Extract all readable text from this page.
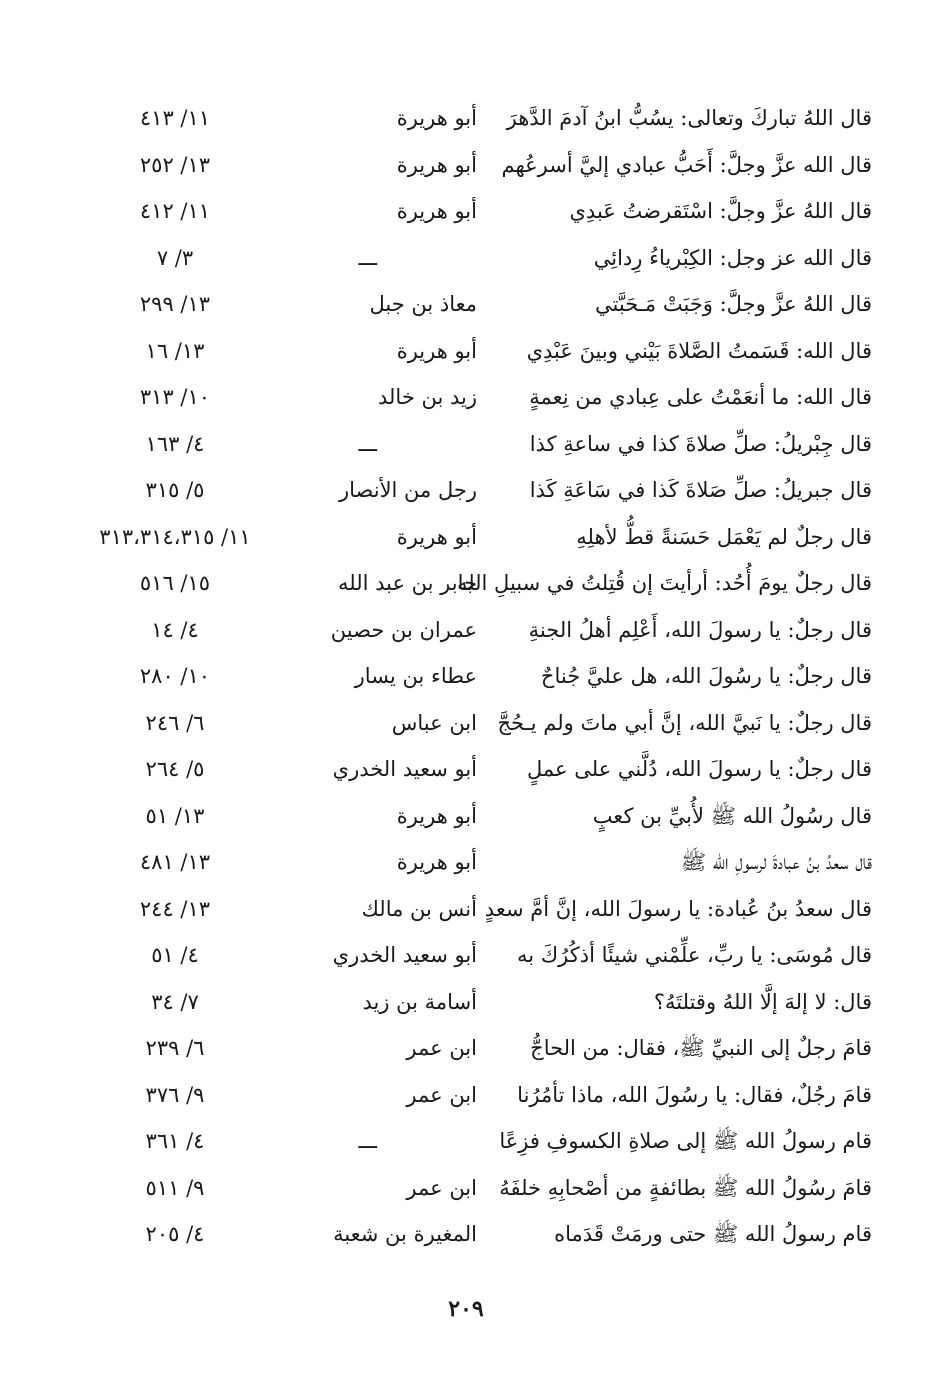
قال اللهُ تباركَ وتعالى: يسُبُّ ابنُ آدمَ الدَّهرَ
أبو هريرة
١١/ ٤١٣
قال الله عزَّ وجلَّ: أَحَبُّ عبادي إليَّ أسرعُهم
أبو هريرة
١٣/ ٢٥٢
قال اللهُ عزَّ وجلَّ: اسْتَقرضتُ عَبدِي
أبو هريرة
١١/ ٤١٢
قال الله عز وجل: الكِبْرياءُ رِدائِي
ـــ
٣/ ٧
قال اللهُ عزَّ وجلَّ: وَجَبَتْ مَـحَبَّتي
معاذ بن جبل
١٣/ ٢٩٩
قال الله: قَسَمتُ الصَّلاةَ بَيْني وبينَ عَبْدِي
أبو هريرة
١٣/ ١٦
قال الله: ما أنعَمْتُ على عِبادي من نِعمةٍ
زيد بن خالد
١٠/ ٣١٣
قال جِبْريلُ: صلِّ صلاةَ كذا في ساعةِ كذا
ـــ
٤/ ١٦٣
قال جبريلُ: صلِّ صَلاةَ كَذا في سَاعَةِ كَذا
رجل من الأنصار
٥/ ٣١٥
قال رجلٌ لم يَعْمَل حَسَنةً قطُّ لأهلِهِ
أبو هريرة
١١/ ٣١٣،٣١٤،٣١٥
قال رجلٌ يومَ أُحُد: أرأيتَ إن قُتِلتُ في سبيلِ الله
جابر بن عبد الله
١٥/ ٥١٦
قال رجلٌ: يا رسولَ الله، أَعْلِم أهلُ الجنةِ
عمران بن حصين
٤/ ١٤
قال رجلٌ: يا رسُولَ الله، هل عليَّ جُناحٌ
عطاء بن يسار
١٠/ ٢٨٠
قال رجلٌ: يا نَبيَّ الله، إنَّ أبي ماتَ ولم يـحُجَّ
ابن عباس
٦/ ٢٤٦
قال رجلٌ: يا رسولَ الله، دُلَّني على عملٍ
أبو سعيد الخدري
٥/ ٢٦٤
قال رسُولُ الله ﷺ لأُبيِّ بن كعبٍ
أبو هريرة
١٣/ ٥١
قال سعدُ بنُ عبادةَ لرسولِ الله ﷺ
أبو هريرة
١٣/ ٤٨١
قال سعدُ بنُ عُبادة: يا رسولَ الله، إنَّ أمَّ سعدٍ
أنس بن مالك
١٣/ ٢٤٤
قال مُوسَى: يا ربِّ، علِّمْني شيئًا أذكُرُكَ به
أبو سعيد الخدري
٤/ ٥١
قال: لا إلهَ إلَّا اللهُ وقتلتَهُ؟
أسامة بن زيد
٧/ ٣٤
قامَ رجلٌ إلى النبيِّ ﷺ، فقال: من الحاجُّ
ابن عمر
٦/ ٢٣٩
قامَ رجُلٌ، فقال: يا رسُولَ الله، ماذا تأمُرُنا
ابن عمر
٩/ ٣٧٦
قام رسولُ الله ﷺ إلى صلاةِ الكسوفِ فزِعًا
ـــ
٤/ ٣٦١
قامَ رسُولُ الله ﷺ بطائفةٍ من أصْحابِهِ خلفَهُ
ابن عمر
٩/ ٥١١
قام رسولُ الله ﷺ حتى ورمَتْ قَدَماه
المغيرة بن شعبة
٤/ ٢٠٥
٢٠٩
